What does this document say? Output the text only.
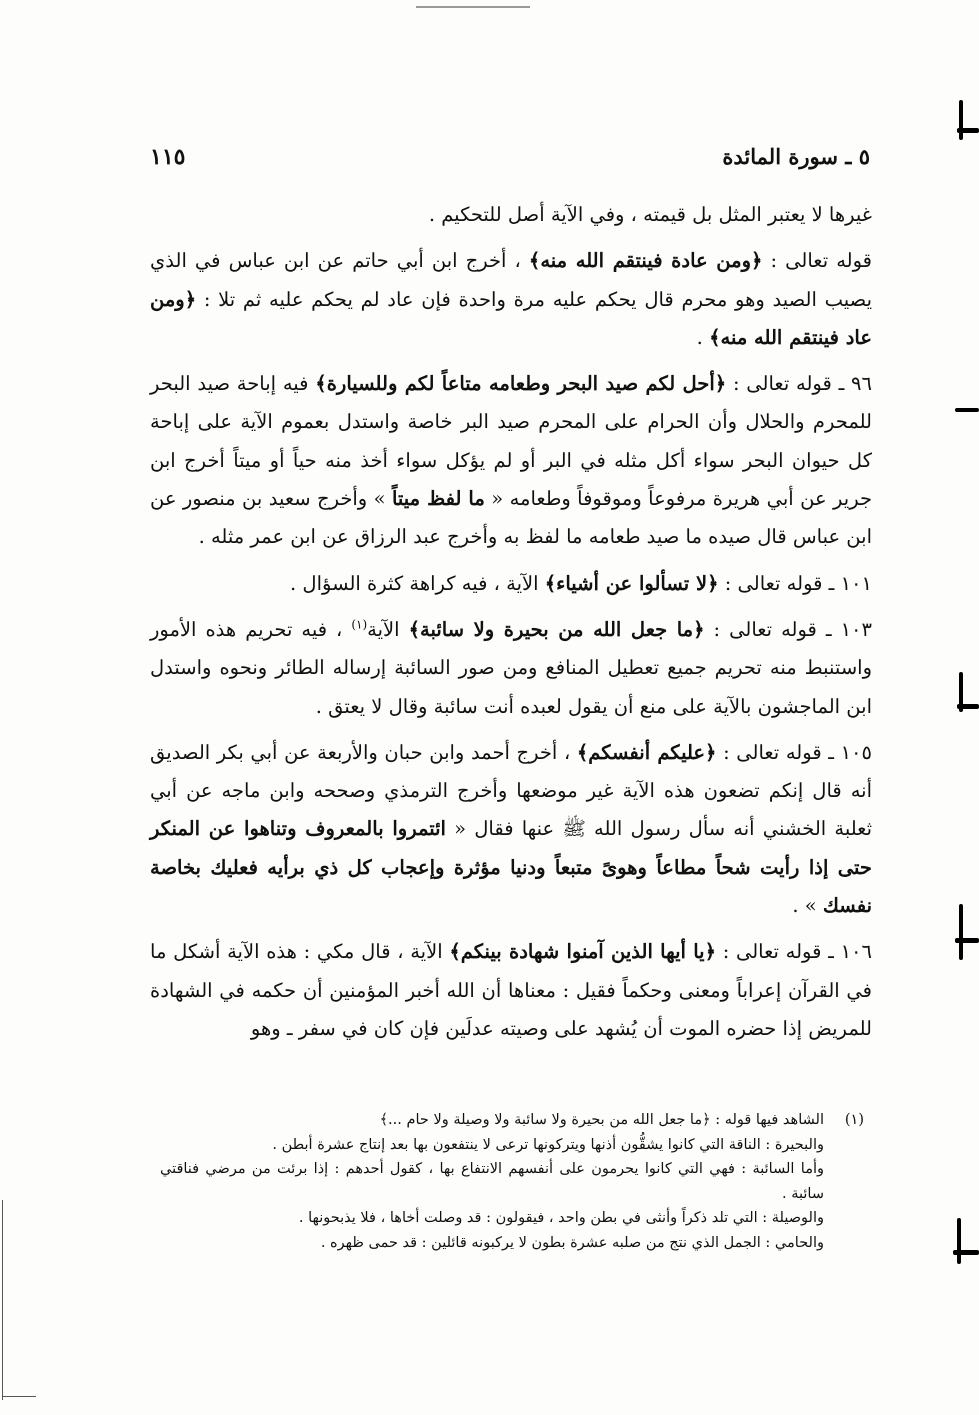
٥ ـ سورة المائدة
١١٥

غيرها لا يعتبر المثل بل قيمته ، وفي الآية أصل للتحكيم .

قوله تعالى : ﴿ومن عادة فينتقم الله منه﴾ ، أخرج ابن أبي حاتم عن ابن عباس في الذي يصيب الصيد وهو محرم قال يحكم عليه مرة واحدة فإن عاد لم يحكم عليه ثم تلا : ﴿ومن عاد فينتقم الله منه﴾ .

٩٦ ـ قوله تعالى : ﴿أحل لكم صيد البحر وطعامه متاعاً لكم وللسيارة﴾ فيه إباحة صيد البحر للمحرم والحلال وأن الحرام على المحرم صيد البر خاصة واستدل بعموم الآية على إباحة كل حيوان البحر سواء أكل مثله في البر أو لم يؤكل سواء أخذ منه حياً أو ميتاً أخرج ابن جرير عن أبي هريرة مرفوعاً وموقوفاً وطعامه « ما لفظ ميتاً » وأخرج سعيد بن منصور عن ابن عباس قال صيده ما صيد طعامه ما لفظ به وأخرج عبد الرزاق عن ابن عمر مثله .

١٠١ ـ قوله تعالى : ﴿لا تسألوا عن أشياء﴾ الآية ، فيه كراهة كثرة السؤال .

١٠٣ ـ قوله تعالى : ﴿ما جعل الله من بحيرة ولا سائبة﴾ الآية$^{(١)}$ ، فيه تحريم هذه الأمور واستنبط منه تحريم جميع تعطيل المنافع ومن صور السائبة إرساله الطائر ونحوه واستدل ابن الماجشون بالآية على منع أن يقول لعبده أنت سائبة وقال لا يعتق .

١٠٥ ـ قوله تعالى : ﴿عليكم أنفسكم﴾ ، أخرج أحمد وابن حبان والأربعة عن أبي بكر الصديق أنه قال إنكم تضعون هذه الآية غير موضعها وأخرج الترمذي وصححه وابن ماجه عن أبي ثعلبة الخشني أنه سأل رسول الله ﷺ عنها فقال « ائتمروا بالمعروف وتناهوا عن المنكر حتى إذا رأيت شحاً مطاعاً وهوىً متبعاً ودنيا مؤثرة وإعجاب كل ذي برأيه فعليك بخاصة نفسك » .

١٠٦ ـ قوله تعالى : ﴿يا أيها الذين آمنوا شهادة بينكم﴾ الآية ، قال مكي : هذه الآية أشكل ما في القرآن إعراباً ومعنى وحكماً فقيل : معناها أن الله أخبر المؤمنين أن حكمه في الشهادة للمريض إذا حضره الموت أن يُشهد على وصيته عدلَين فإن كان في سفر ـ وهو

(١)
الشاهد فيها قوله : ﴿ما جعل الله من بحيرة ولا سائبة ولا وصيلة ولا حام ...﴾

والبحيرة : الناقة التي كانوا يشقُّون أذنها ويتركونها ترعى لا ينتفعون بها بعد إنتاج عشرة أبطن .

وأما السائبة : فهي التي كانوا يحرمون على أنفسهم الانتفاع بها ، كقول أحدهم : إذا برئت من مرضي فناقتي سائبة .

والوصيلة : التي تلد ذكراً وأنثى في بطن واحد ، فيقولون : قد وصلت أخاها ، فلا يذبحونها .

والحامي : الجمل الذي نتج من صلبه عشرة بطون لا يركبونه قائلين : قد حمى ظهره .
